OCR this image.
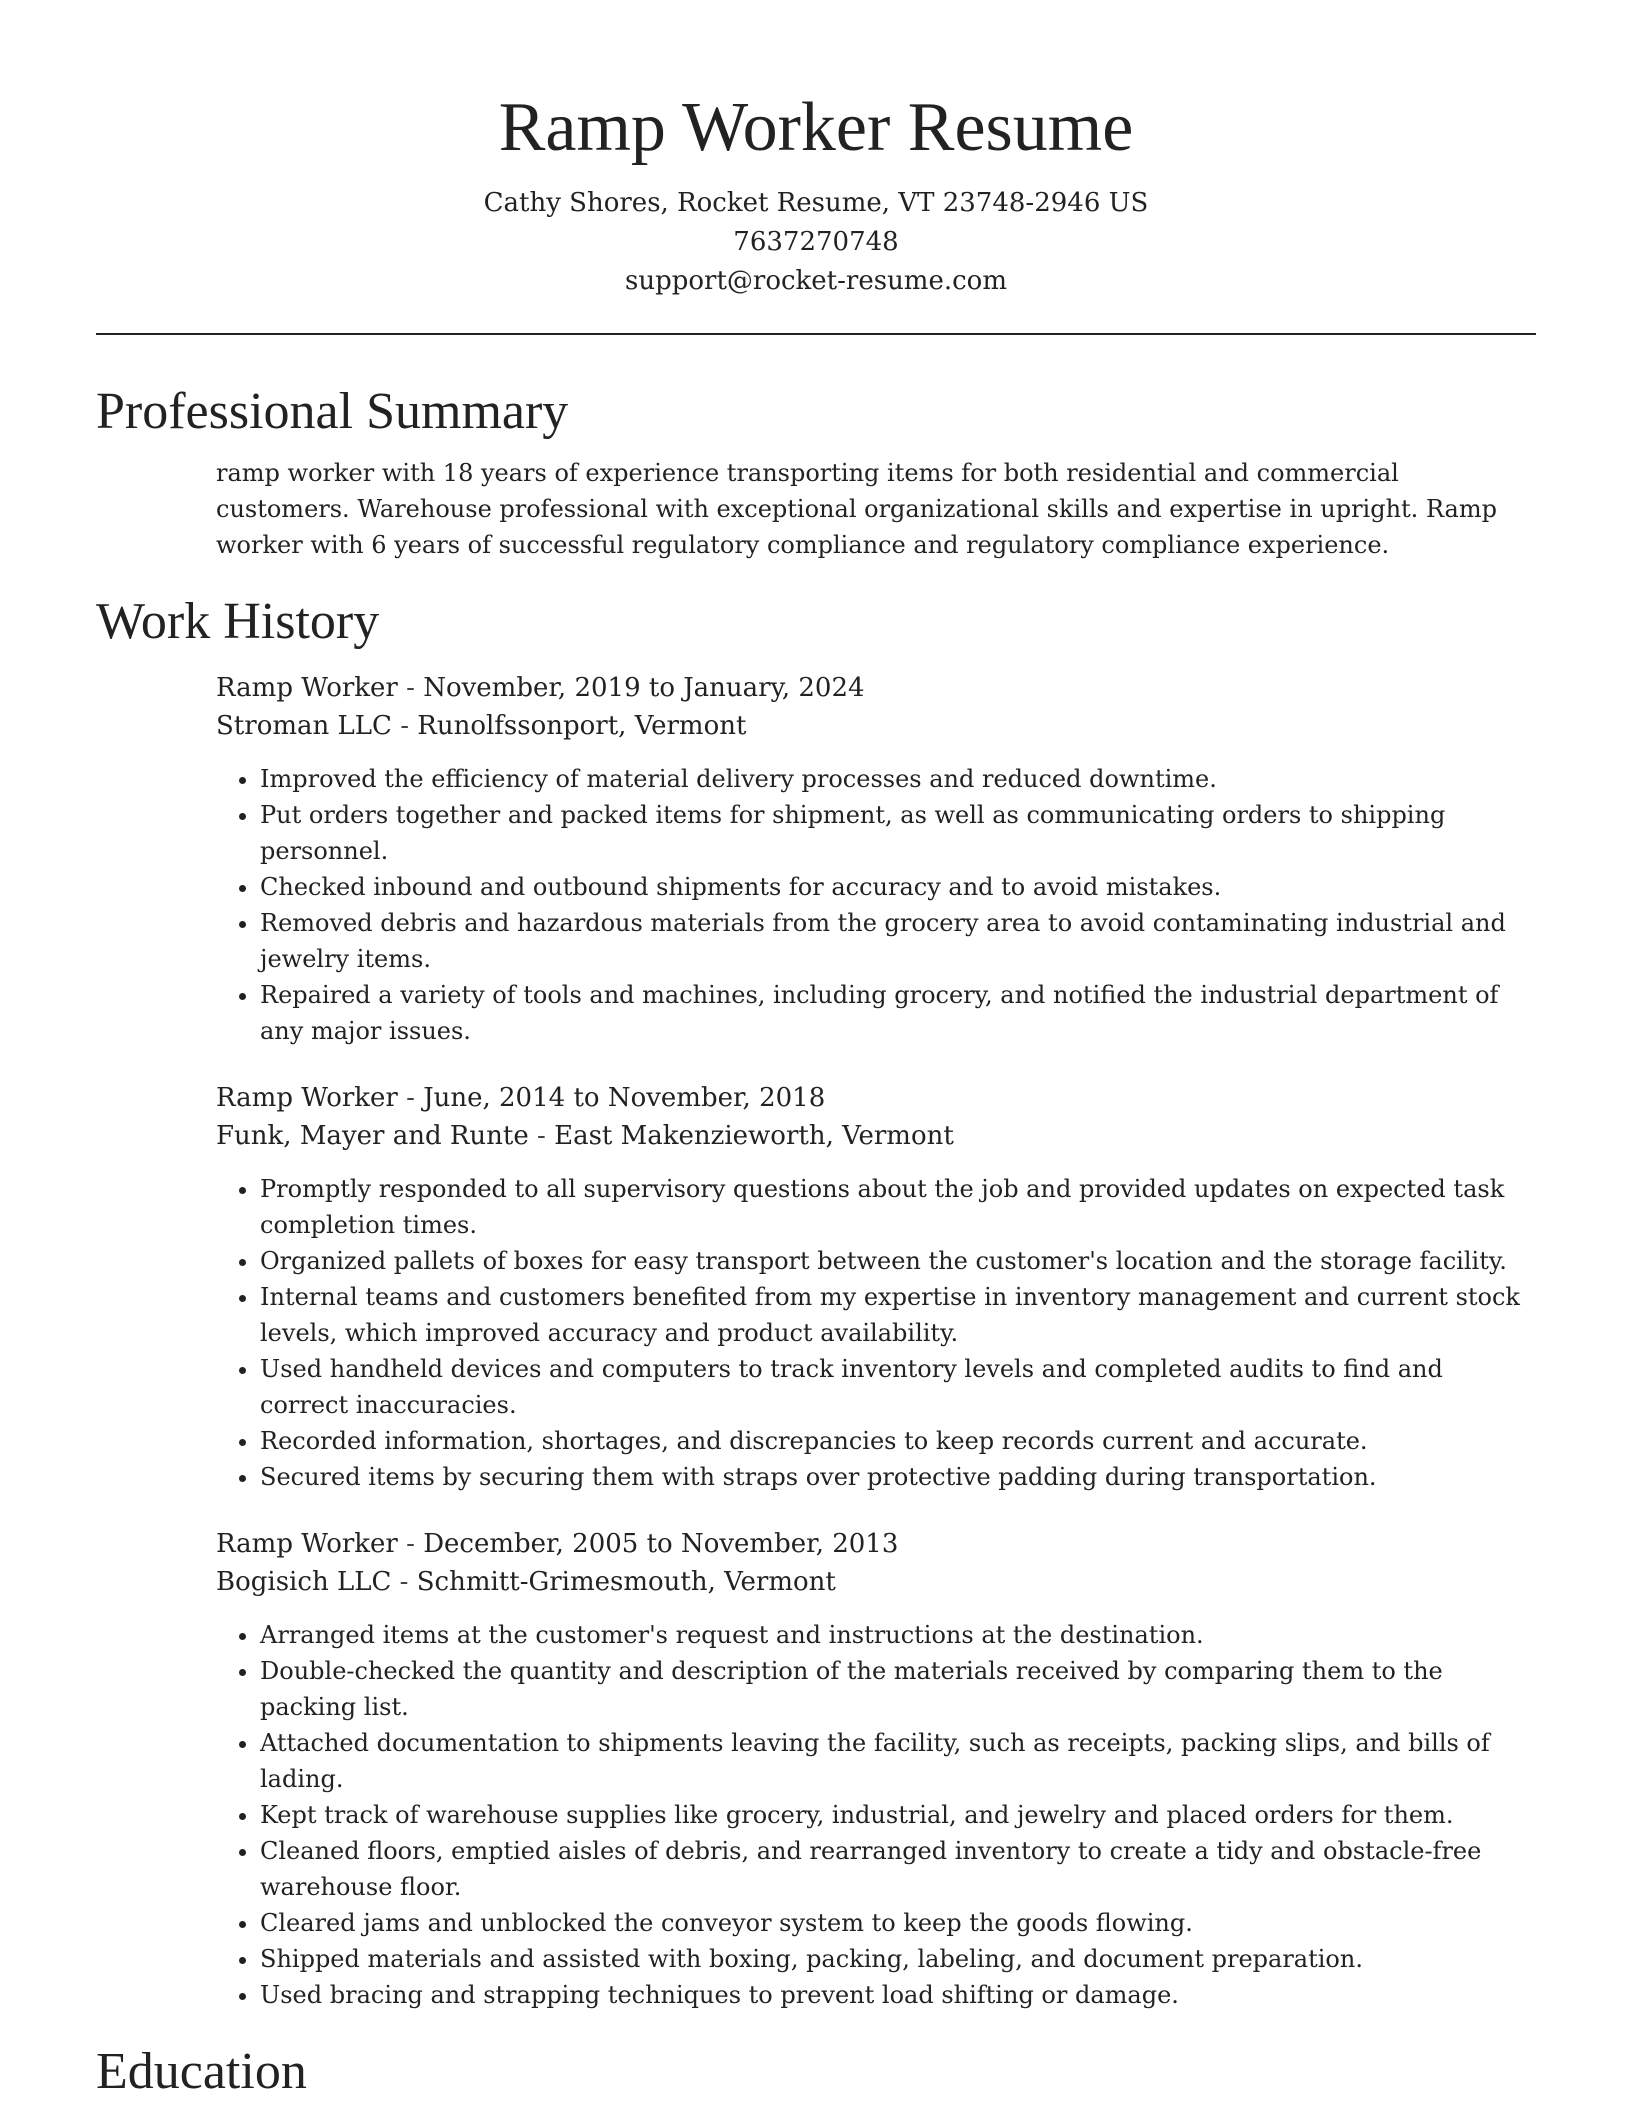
Ramp Worker Resume
Cathy Shores, Rocket Resume, VT 23748-2946 US
7637270748
support@rocket-resume.com
Professional Summary

ramp worker with 18 years of experience transporting items for both residential and commercial customers. Warehouse professional with exceptional organizational skills and expertise in upright. Ramp worker with 6 years of successful regulatory compliance and regulatory compliance experience.

Work History
Ramp Worker - November, 2019 to January, 2024
Stroman LLC - Runolfssonport, Vermont
• Improved the efficiency of material delivery processes and reduced downtime.
• Put orders together and packed items for shipment, as well as communicating orders to shipping personnel.
• Checked inbound and outbound shipments for accuracy and to avoid mistakes.
• Removed debris and hazardous materials from the grocery area to avoid contaminating industrial and jewelry items.
• Repaired a variety of tools and machines, including grocery, and notified the industrial department of any major issues.
Ramp Worker - June, 2014 to November, 2018
Funk, Mayer and Runte - East Makenzieworth, Vermont
• Promptly responded to all supervisory questions about the job and provided updates on expected task completion times.
• Organized pallets of boxes for easy transport between the customer's location and the storage facility.
• Internal teams and customers benefited from my expertise in inventory management and current stock levels, which improved accuracy and product availability.
• Used handheld devices and computers to track inventory levels and completed audits to find and correct inaccuracies.
• Recorded information, shortages, and discrepancies to keep records current and accurate.
• Secured items by securing them with straps over protective padding during transportation.
Ramp Worker - December, 2005 to November, 2013
Bogisich LLC - Schmitt-Grimesmouth, Vermont
• Arranged items at the customer's request and instructions at the destination.
• Double-checked the quantity and description of the materials received by comparing them to the packing list.
• Attached documentation to shipments leaving the facility, such as receipts, packing slips, and bills of lading.
• Kept track of warehouse supplies like grocery, industrial, and jewelry and placed orders for them.
• Cleaned floors, emptied aisles of debris, and rearranged inventory to create a tidy and obstacle-free warehouse floor.
• Cleared jams and unblocked the conveyor system to keep the goods flowing.
• Shipped materials and assisted with boxing, packing, labeling, and document preparation.
• Used bracing and strapping techniques to prevent load shifting or damage.
Education
